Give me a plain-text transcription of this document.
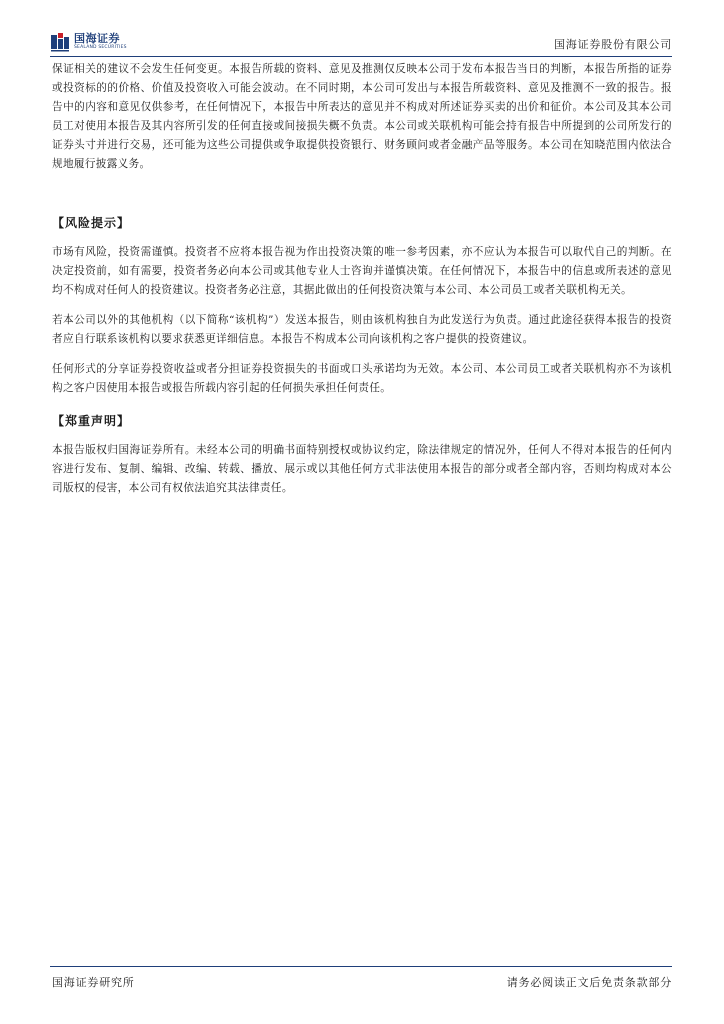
国海证券
SEALAND SECURITIES	国海证券股份有限公司

保证相关的建议不会发生任何变更。本报告所载的资料、意见及推测仅反映本公司于发布本报告当日的判断，本报告所指的证券或投资标的的价格、价值及投资收入可能会波动。在不同时期，本公司可发出与本报告所载资料、意见及推测不一致的报告。报告中的内容和意见仅供参考，在任何情况下，本报告中所表达的意见并不构成对所述证券买卖的出价和征价。本公司及其本公司员工对使用本报告及其内容所引发的任何直接或间接损失概不负责。本公司或关联机构可能会持有报告中所提到的公司所发行的证券头寸并进行交易，还可能为这些公司提供或争取提供投资银行、财务顾问或者金融产品等服务。本公司在知晓范围内依法合规地履行披露义务。

【风险提示】

市场有风险，投资需谨慎。投资者不应将本报告视为作出投资决策的唯一参考因素，亦不应认为本报告可以取代自己的判断。在决定投资前，如有需要，投资者务必向本公司或其他专业人士咨询并谨慎决策。在任何情况下，本报告中的信息或所表述的意见均不构成对任何人的投资建议。投资者务必注意，其据此做出的任何投资决策与本公司、本公司员工或者关联机构无关。

若本公司以外的其他机构（以下简称“该机构”）发送本报告，则由该机构独自为此发送行为负责。通过此途径获得本报告的投资者应自行联系该机构以要求获悉更详细信息。本报告不构成本公司向该机构之客户提供的投资建议。

任何形式的分享证券投资收益或者分担证券投资损失的书面或口头承诺均为无效。本公司、本公司员工或者关联机构亦不为该机构之客户因使用本报告或报告所载内容引起的任何损失承担任何责任。

【郑重声明】

本报告版权归国海证券所有。未经本公司的明确书面特别授权或协议约定，除法律规定的情况外，任何人不得对本报告的任何内容进行发布、复制、编辑、改编、转载、播放、展示或以其他任何方式非法使用本报告的部分或者全部内容，否则均构成对本公司版权的侵害，本公司有权依法追究其法律责任。

国海证券研究所	请务必阅读正文后免责条款部分
